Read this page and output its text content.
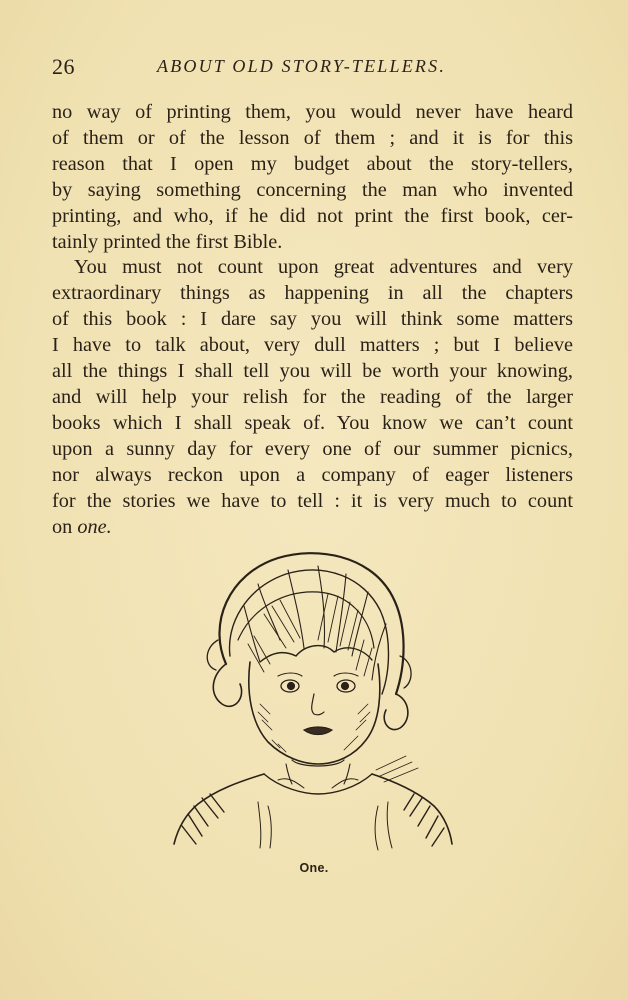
26	ABOUT OLD STORY-TELLERS.

no way of printing them, you would never have heard
of them or of the lesson of them ; and it is for this
reason that I open my budget about the story-tellers,
by saying something concerning the man who invented
printing, and who, if he did not print the first book, cer-
tainly printed the first Bible.

You must not count upon great adventures and very
extraordinary things as happening in all the chapters
of this book : I dare say you will think some matters
I have to talk about, very dull matters ; but I believe
all the things I shall tell you will be worth your knowing,
and will help your relish for the reading of the larger
books which I shall speak of. You know we can’t count
upon a sunny day for every one of our summer picnics,
nor always reckon upon a company of eager listeners
for the stories we have to tell : it is very much to count
on one.

One.
